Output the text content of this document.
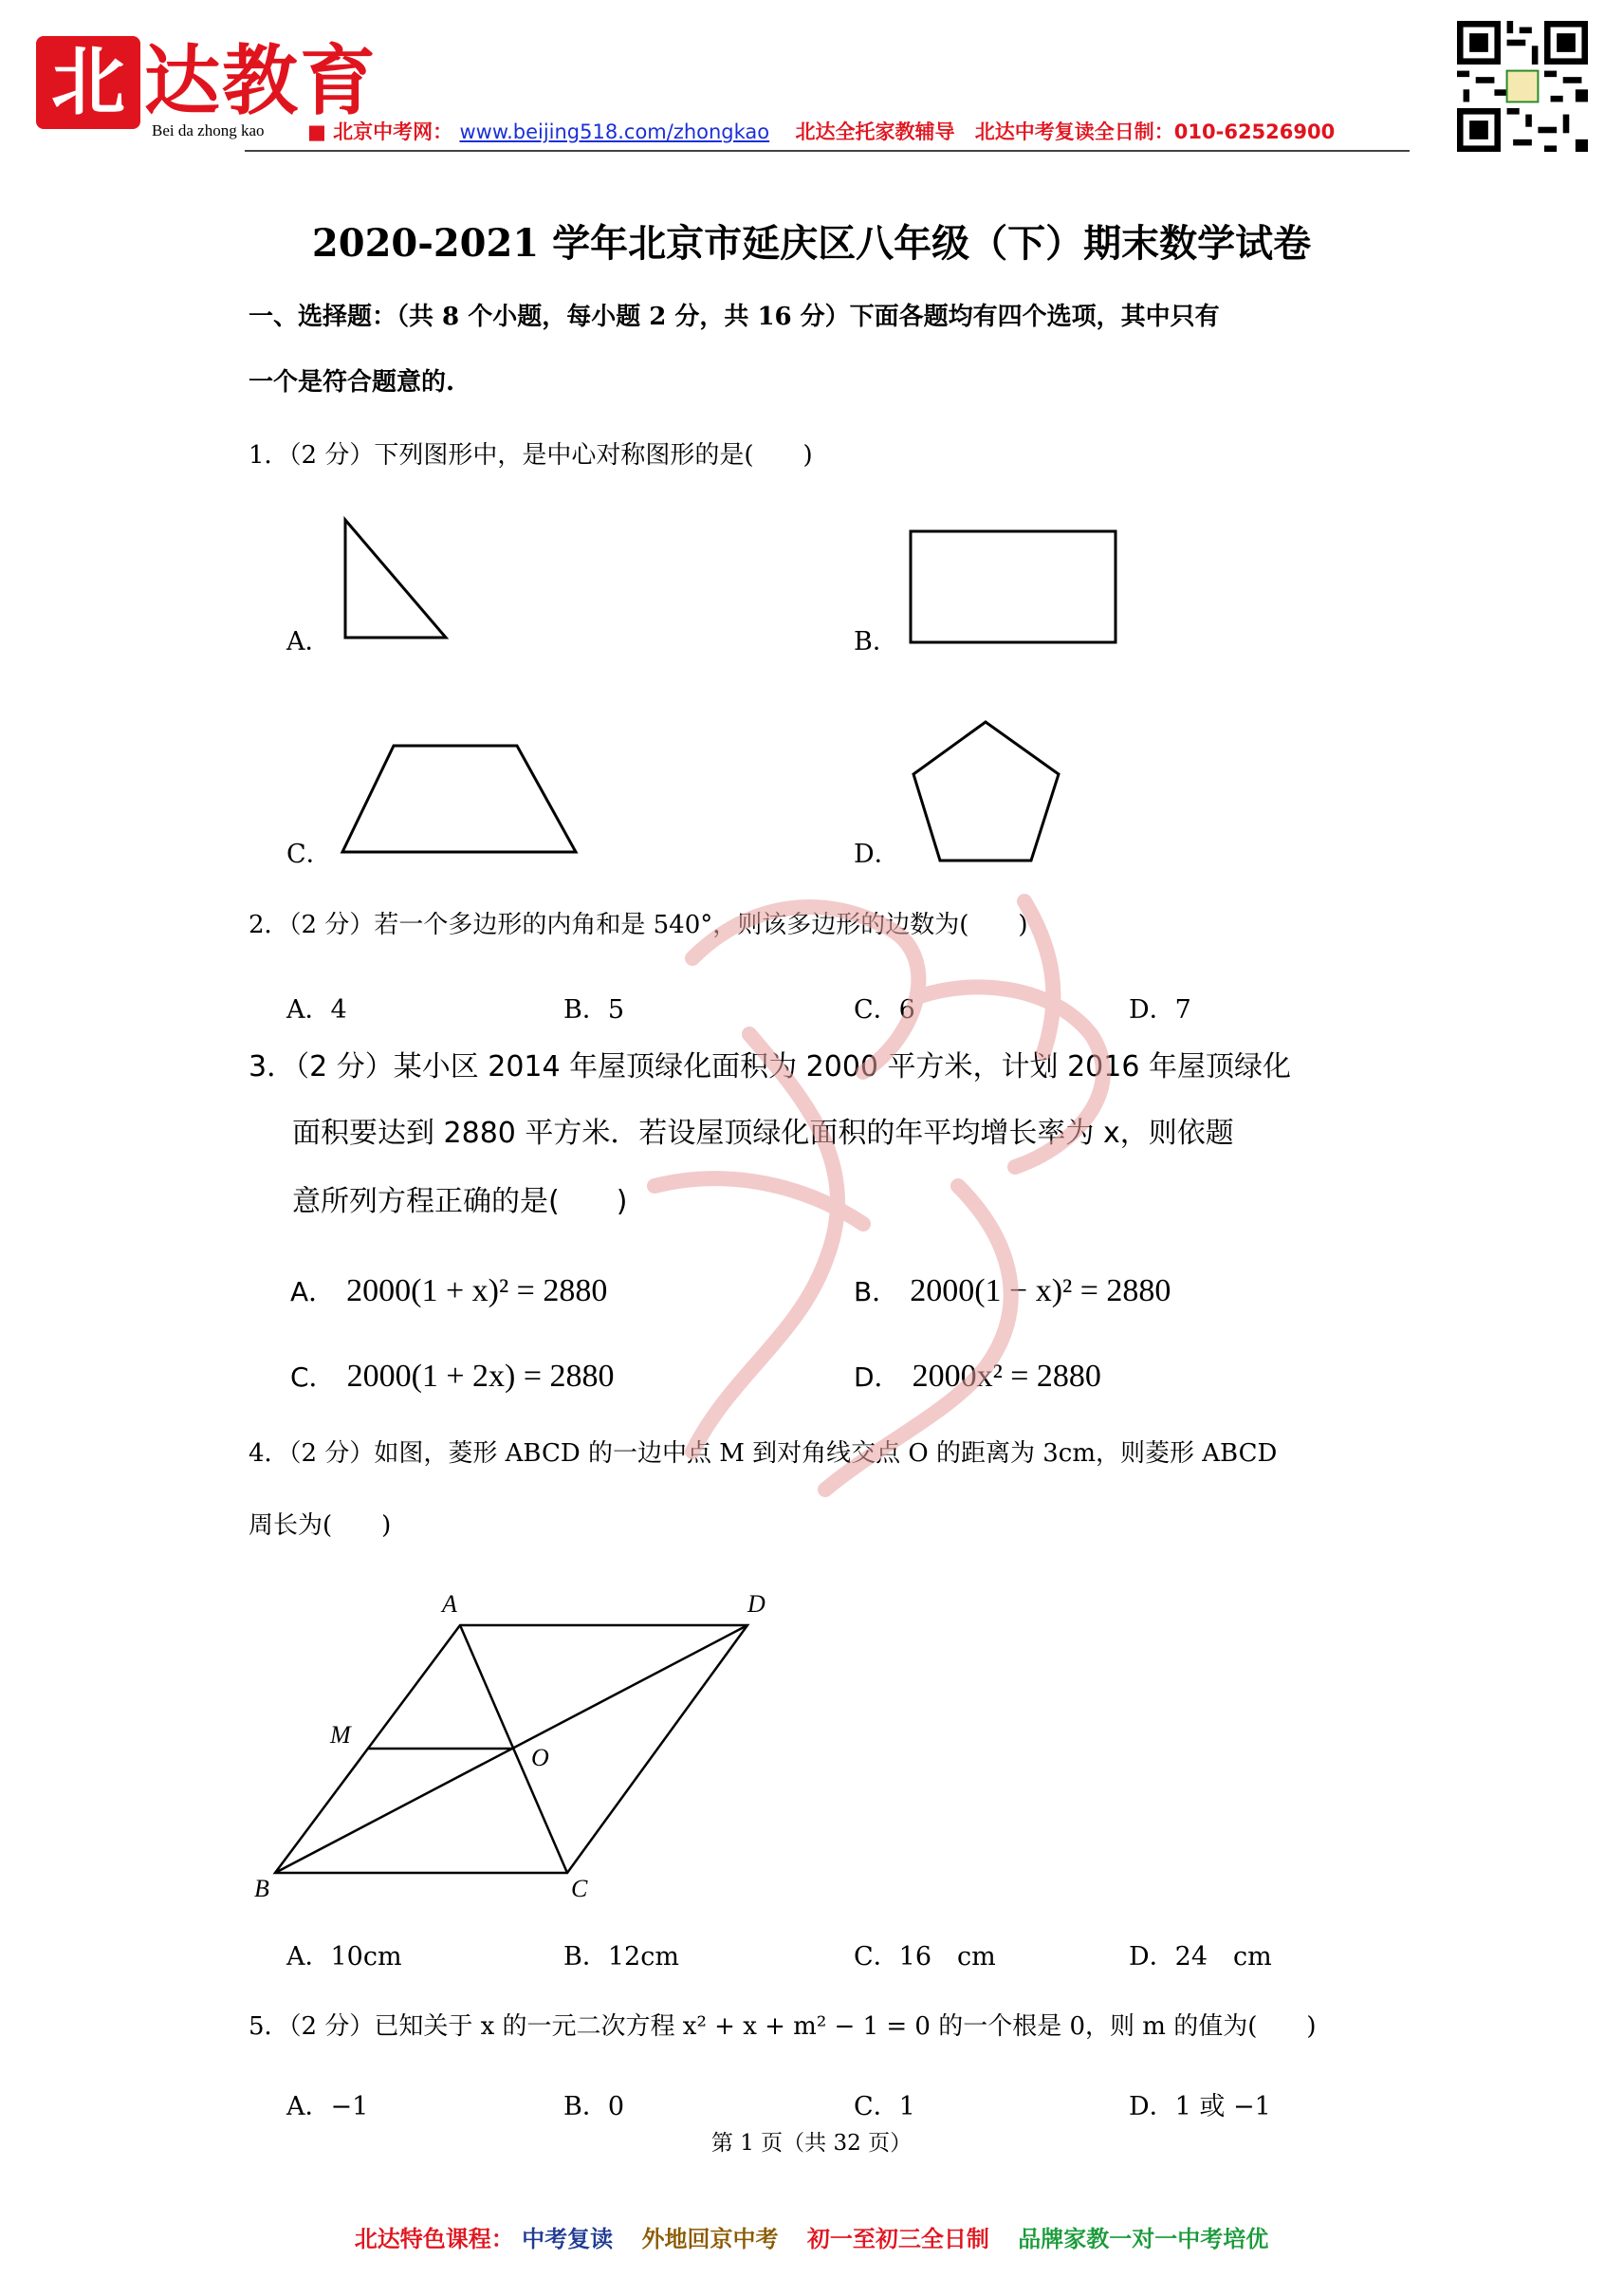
北 达教育
Bei da zhong kao ■ 北京中考网： www.beijing518.com/zhongkao 北达全托家教辅导 北达中考复读全日制：010-62526900
2020-2021 学年北京市延庆区八年级（下）期末数学试卷
一、选择题：（共 8 个小题，每小题 2 分，共 16 分）下面各题均有四个选项，其中只有
一个是符合题意的.
1．（2 分）下列图形中，是中心对称图形的是(　　)
A．	B．
C．	D．
2．（2 分）若一个多边形的内角和是 540°，则该多边形的边数为(　　)
A．4	B．5	C．6	D．7
3．（2 分）某小区 2014 年屋顶绿化面积为 2000 平方米，计划 2016 年屋顶绿化
面积要达到 2880 平方米．若设屋顶绿化面积的年平均增长率为 x，则依题
意所列方程正确的是(　　)
A． 2000(1 + x)² = 2880	B． 2000(1 − x)² = 2880
C． 2000(1 + 2x) = 2880	D． 2000x² = 2880
4．（2 分）如图，菱形 ABCD 的一边中点 M 到对角线交点 O 的距离为 3cm，则菱形 ABCD
周长为(　　)
A	D
B	C
M
O
A．10cm	B．12cm	C．16　cm	D．24　cm
5．（2 分）已知关于 x 的一元二次方程 x² + x + m² − 1 = 0 的一个根是 0，则 m 的值为(　　)
A．−1	B．0	C．1	D．1 或 −1
第 1 页（共 32 页）
北达特色课程： 中考复读 外地回京中考 初一至初三全日制 品牌家教一对一中考培优
